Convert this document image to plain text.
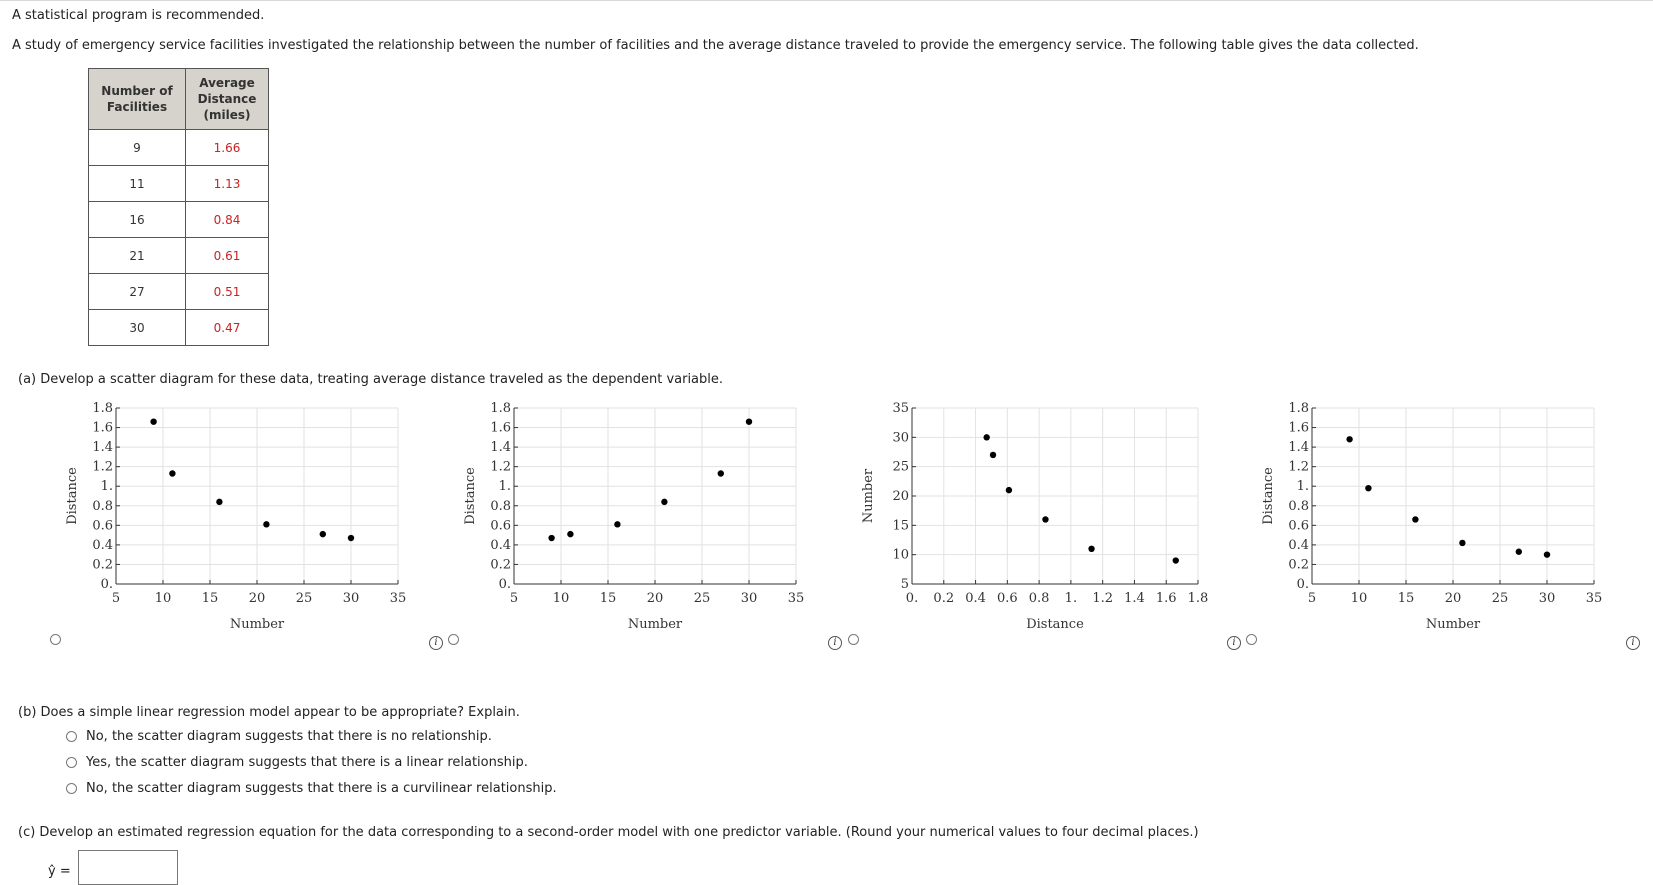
A statistical program is recommended.
A study of emergency service facilities investigated the relationship between the number of facilities and the average distance traveled to provide the emergency service. The following table gives the data collected.
Number of
Facilities	Average
Distance
(miles)
9	1.66
11	1.13
16	0.84
21	0.61
27	0.51
30	0.47
(a) Develop a scatter diagram for these data, treating average distance traveled as the dependent variable.
5	10 15 20 25 30 35
0.
0.2
0.4
0.6
0.8
1.
1.2
1.4
1.6
1.8
Number
Distance
5	10 15 20 25 30 35
0.
0.2
0.4
0.6
0.8
1.
1.2
1.4
1.6
1.8
Number
Distance
0. 0.2 0.4 0.6 0.8 1. 1.2 1.4 1.6 1.8
5
10
15
20
25
30
35
Distance
Number
5	10 15 20 25 30 35
0.
0.2
0.4
0.6
0.8
1.
1.2
1.4
1.6
1.8
Number
Distance
i	i	i	i
(b) Does a simple linear regression model appear to be appropriate? Explain.
No, the scatter diagram suggests that there is no relationship.
Yes, the scatter diagram suggests that there is a linear relationship.
No, the scatter diagram suggests that there is a curvilinear relationship.
(c) Develop an estimated regression equation for the data corresponding to a second-order model with one predictor variable. (Round your numerical values to four decimal places.)
ŷ =
